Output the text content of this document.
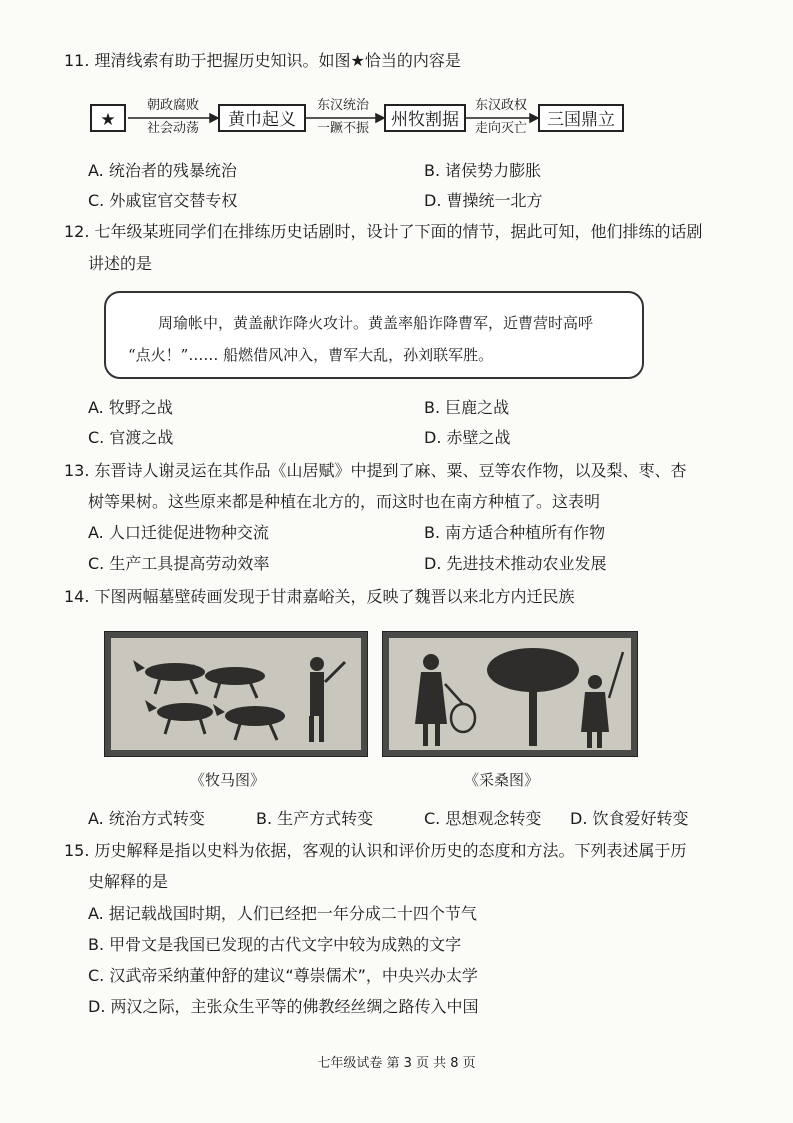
11. 理清线索有助于把握历史知识。如图★恰当的内容是
★
朝政腐败
社会动荡	黄巾起义
东汉统治
一蹶不振	州牧割据
东汉政权
走向灭亡	三国鼎立
A. 统治者的残暴统治	B. 诸侯势力膨胀
C. 外戚宦官交替专权	D. 曹操统一北方
12. 七年级某班同学们在排练历史话剧时，设计了下面的情节，据此可知，他们排练的话剧
讲述的是

周瑜帐中，黄盖献诈降火攻计。黄盖率船诈降曹军，近曹营时高呼

“点火！”…… 船燃借风冲入，曹军大乱，孙刘联军胜。

A. 牧野之战	B. 巨鹿之战
C. 官渡之战	D. 赤壁之战
13. 东晋诗人谢灵运在其作品《山居赋》中提到了麻、粟、豆等农作物，以及梨、枣、杏
树等果树。这些原来都是种植在北方的，而这时也在南方种植了。这表明
A. 人口迁徙促进物种交流	B. 南方适合种植所有作物
C. 生产工具提高劳动效率	D. 先进技术推动农业发展
14. 下图两幅墓壁砖画发现于甘肃嘉峪关，反映了魏晋以来北方内迁民族
《牧马图》	《采桑图》
A. 统治方式转变	B. 生产方式转变	C. 思想观念转变 D. 饮食爱好转变
15. 历史解释是指以史料为依据，客观的认识和评价历史的态度和方法。下列表述属于历
史解释的是
A. 据记载战国时期，人们已经把一年分成二十四个节气
B. 甲骨文是我国已发现的古代文字中较为成熟的文字
C. 汉武帝采纳董仲舒的建议“尊崇儒术”，中央兴办太学
D. 两汉之际，主张众生平等的佛教经丝绸之路传入中国
七年级试卷 第 3 页 共 8 页
